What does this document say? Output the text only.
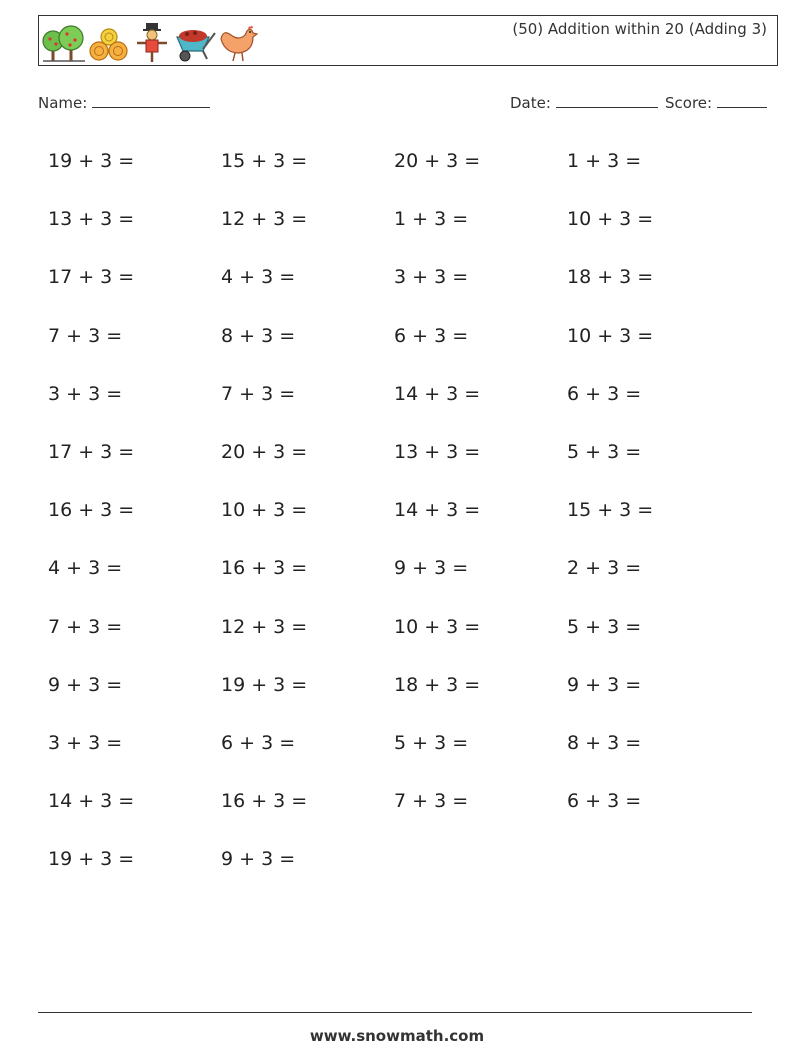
(50) Addition within 20 (Adding 3)
Name:	Date:	Score:
19 + 3 =	15 + 3 =	20 + 3 =	1 + 3 =
13 + 3 =	12 + 3 =	1 + 3 =	10 + 3 =
17 + 3 =	4 + 3 =	3 + 3 =	18 + 3 =
7 + 3 =	8 + 3 =	6 + 3 =	10 + 3 =
3 + 3 =	7 + 3 =	14 + 3 =	6 + 3 =
17 + 3 =	20 + 3 =	13 + 3 =	5 + 3 =
16 + 3 =	10 + 3 =	14 + 3 =	15 + 3 =
4 + 3 =	16 + 3 =	9 + 3 =	2 + 3 =
7 + 3 =	12 + 3 =	10 + 3 =	5 + 3 =
9 + 3 =	19 + 3 =	18 + 3 =	9 + 3 =
3 + 3 =	6 + 3 =	5 + 3 =	8 + 3 =
14 + 3 =	16 + 3 =	7 + 3 =	6 + 3 =
19 + 3 =	9 + 3 =
www.snowmath.com
